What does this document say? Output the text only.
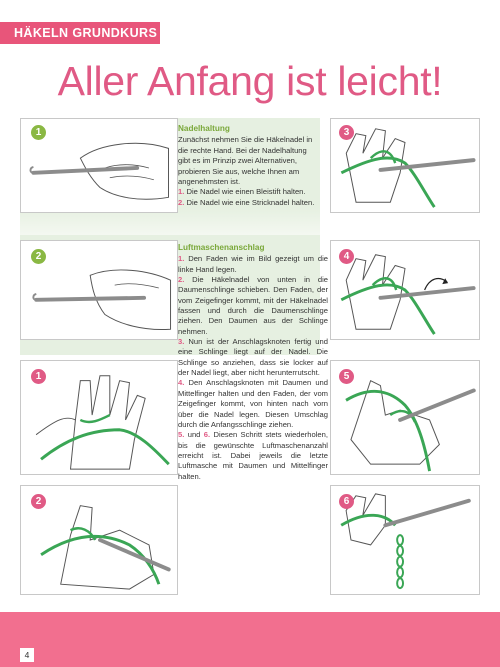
HÄKELN GRUNDKURS
Aller Anfang ist leicht!
1
2
1
2
Nadelhaltung
Zunächst nehmen Sie die Häkelnadel in die rechte Hand. Bei der Nadelhaltung gibt es im Prinzip zwei Alternativen, probieren Sie aus, welche Ihnen am angenehmsten ist.
1. Die Nadel wie einen Bleistift halten.
2. Die Nadel wie eine Stricknadel halten.
Luftmaschenanschlag
1. Den Faden wie im Bild gezeigt um die linke Hand legen.
2. Die Häkelnadel von unten in die Daumenschlinge schieben. Den Faden, der vom Zeigefinger kommt, mit der Häkelnadel fassen und durch die Daumenschlinge ziehen. Den Daumen aus der Schlinge nehmen.
3. Nun ist der Anschlagsknoten fertig und eine Schlinge liegt auf der Nadel. Die Schlinge so anziehen, dass sie locker auf der Nadel liegt, aber nicht herunterrutscht.
4. Den Anschlagsknoten mit Daumen und Mittelfinger halten und den Faden, der vom Zeigefinger kommt, von hinten nach vorn über die Nadel legen. Diesen Umschlag durch die Anfangsschlinge ziehen.
5. und 6. Diesen Schritt stets wiederholen, bis die gewünschte Luftmaschenanzahl erreicht ist. Dabei jeweils die letzte Luftmasche mit Daumen und Mittelfinger halten.
3
4
5
6
4
